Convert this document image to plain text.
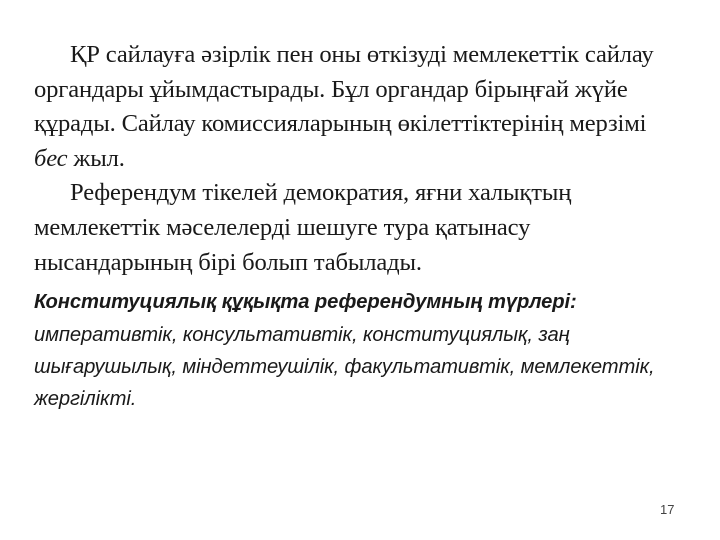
ҚР сайлауға әзірлік пен оны өткізуді мемлекеттік сайлау органдары ұйымдастырады. Бұл органдар бірыңғай жүйе құрады. Сайлау комиссияларының өкілеттіктерінің мерзімі бес жыл.

Референдум тікелей демократия, яғни халықтың мемлекеттік мәселелерді шешуге тура қатынасу нысандарының бірі болып табылады.

Конституциялық құқықта референдумның түрлері: императивтік, консультативтік, конституциялық, заң шығарушылық, міндеттеушілік, факультативтік, мемлекеттік, жергілікті.

17
